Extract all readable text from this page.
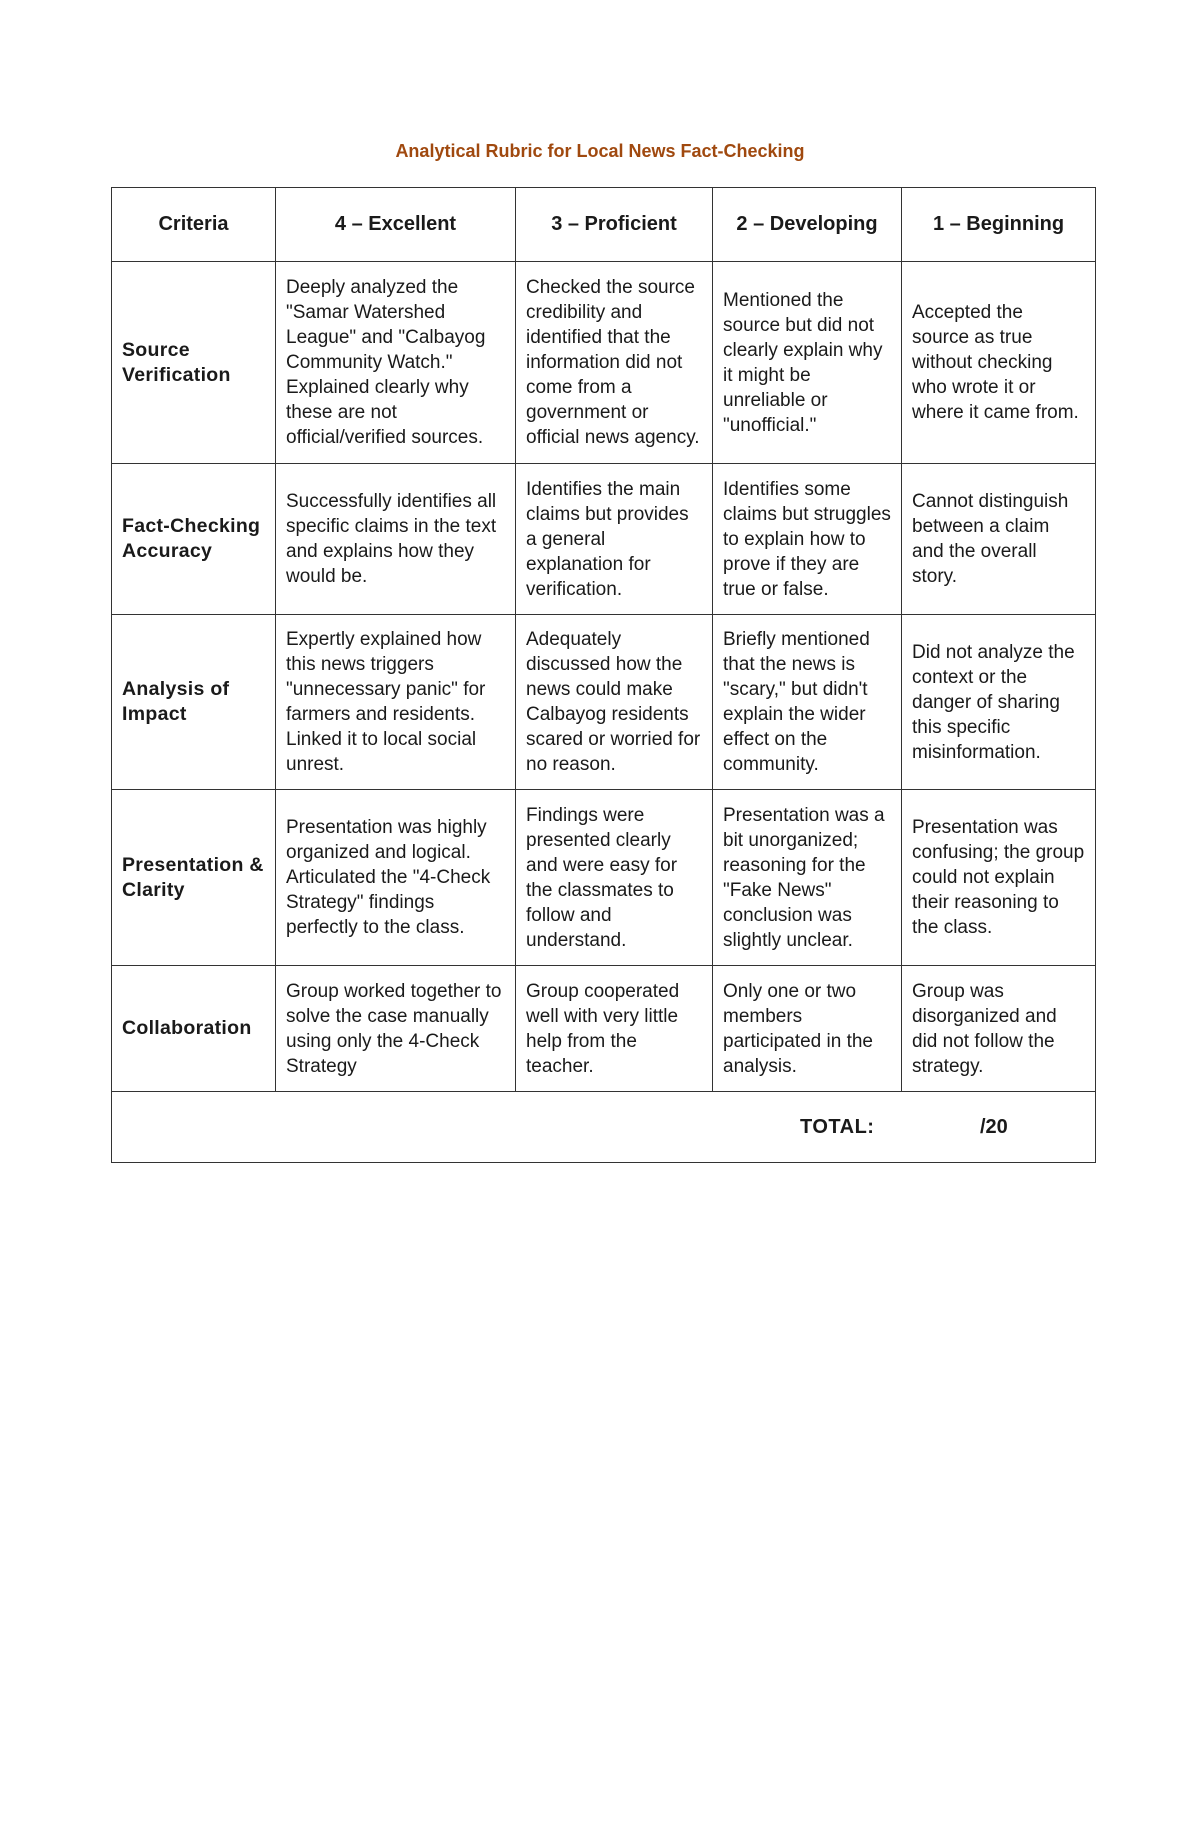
Analytical Rubric for Local News Fact-Checking
Criteria	4 – Excellent	3 – Proficient	2 – Developing	1 – Beginning
Source Verification	Deeply analyzed the "Samar Watershed League" and "Calbayog Community Watch." Explained clearly why these are not official/verified sources.	Checked the source credibility and identified that the information did not come from a government or official news agency.	Mentioned the source but did not clearly explain why it might be unreliable or "unofficial."	Accepted the source as true without checking who wrote it or where it came from.
Fact-Checking Accuracy	Successfully identifies all specific claims in the text and explains how they would be.	Identifies the main claims but provides a general explanation for verification.	Identifies some claims but struggles to explain how to prove if they are true or false.	Cannot distinguish between a claim and the overall story.
Analysis of Impact	Expertly explained how this news triggers "unnecessary panic" for farmers and residents. Linked it to local social unrest.	Adequately discussed how the news could make Calbayog residents scared or worried for no reason.	Briefly mentioned that the news is "scary," but didn't explain the wider effect on the community.	Did not analyze the context or the danger of sharing this specific misinformation.
Presentation & Clarity	Presentation was highly organized and logical. Articulated the "4-Check Strategy" findings perfectly to the class.	Findings were presented clearly and were easy for the classmates to follow and understand.	Presentation was a bit unorganized; reasoning for the "Fake News" conclusion was slightly unclear.	Presentation was confusing; the group could not explain their reasoning to the class.
Collaboration	Group worked together to solve the case manually using only the 4-Check Strategy	Group cooperated well with very little help from the teacher.	Only one or two members participated in the analysis.	Group was disorganized and did not follow the strategy.

TOTAL: /20				
